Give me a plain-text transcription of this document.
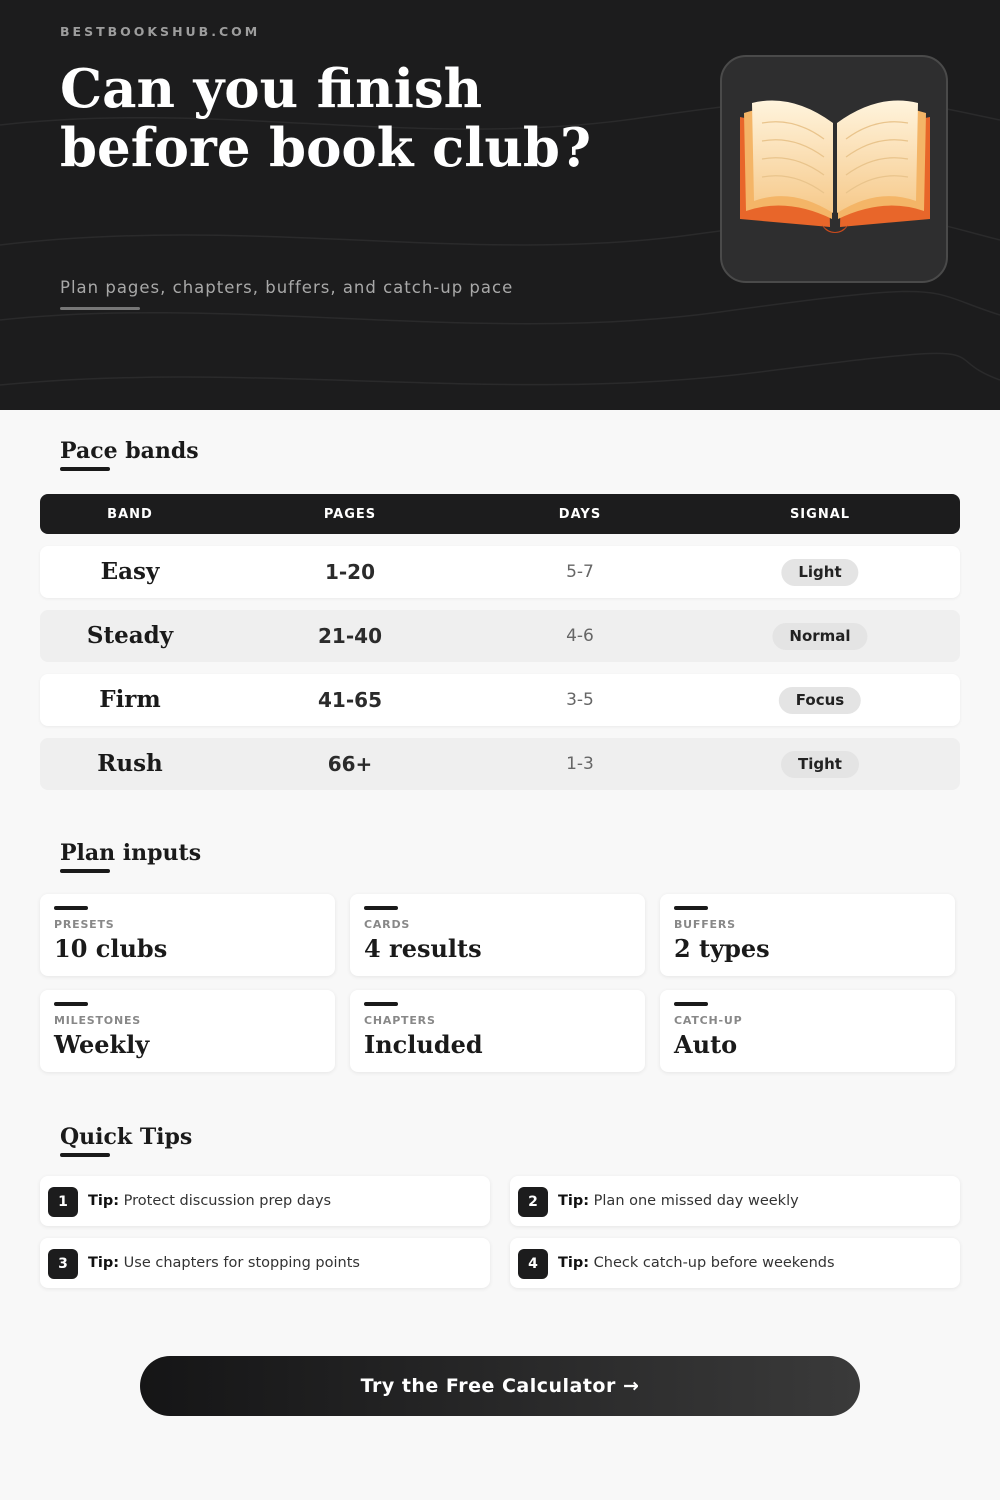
BESTBOOKSHUB.COM
Can you finish before book club?
Plan pages, chapters, buffers, and catch-up pace
Pace bands
BAND	PAGES	DAYS	SIGNAL
Easy	1-20	5-7	Light
Steady	21-40	4-6	Normal
Firm	41-65	3-5	Focus
Rush	66+	1-3	Tight
Plan inputs
PRESETS
10 clubs
CARDS
4 results
BUFFERS
2 types
MILESTONES
Weekly
CHAPTERS
Included
CATCH-UP
Auto
Quick Tips
1	Tip: Protect discussion prep days	2	Tip: Plan one missed day weekly
3	Tip: Use chapters for stopping points	4	Tip: Check catch-up before weekends
Try the Free Calculator →
